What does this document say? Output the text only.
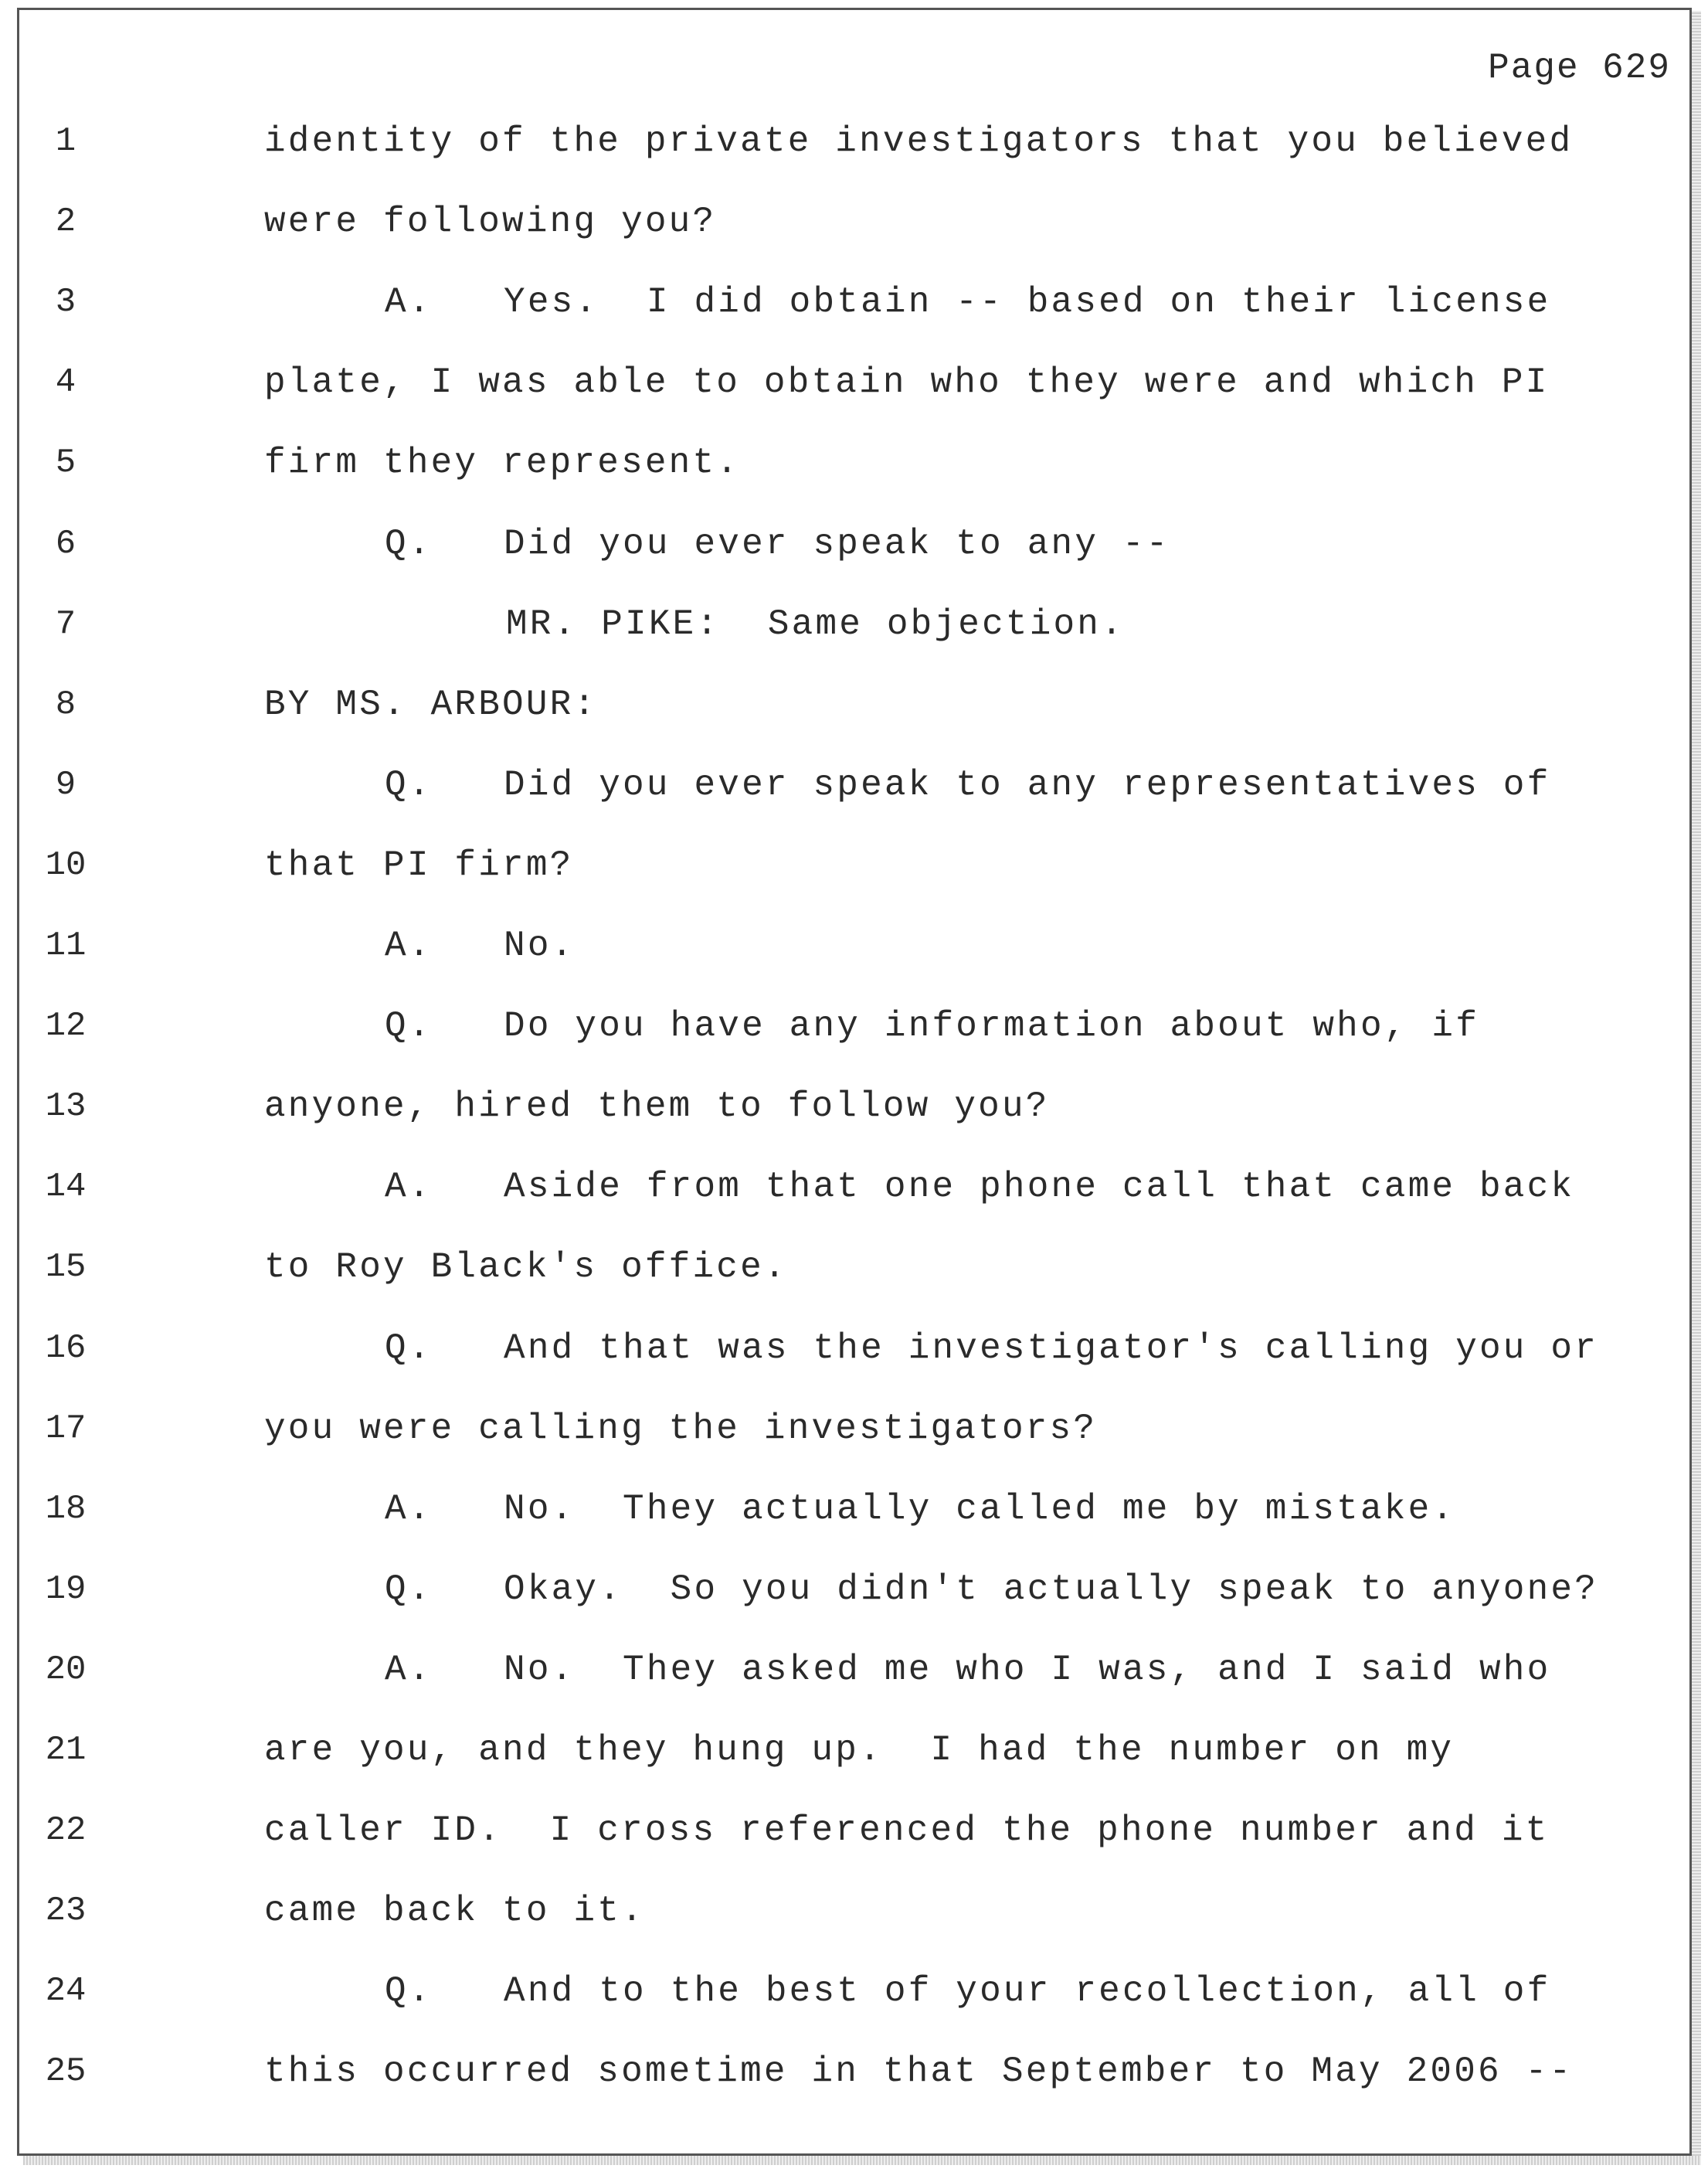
Page 629
1	identity of the private investigators that you believed
2	were following you?
3	A.   Yes.  I did obtain -- based on their license
4	plate, I was able to obtain who they were and which PI
5	firm they represent.
6	Q.   Did you ever speak to any --
7	MR. PIKE:  Same objection.
8	BY MS. ARBOUR:
9	Q.   Did you ever speak to any representatives of
10	that PI firm?
11	A.   No.
12	Q.   Do you have any information about who, if
13	anyone, hired them to follow you?
14	A.   Aside from that one phone call that came back
15	to Roy Black's office.
16	Q.   And that was the investigator's calling you or
17	you were calling the investigators?
18	A.   No.  They actually called me by mistake.
19	Q.   Okay.  So you didn't actually speak to anyone?
20	A.   No.  They asked me who I was, and I said who
21	are you, and they hung up.  I had the number on my
22	caller ID.  I cross referenced the phone number and it
23	came back to it.
24	Q.   And to the best of your recollection, all of
25	this occurred sometime in that September to May 2006 --
